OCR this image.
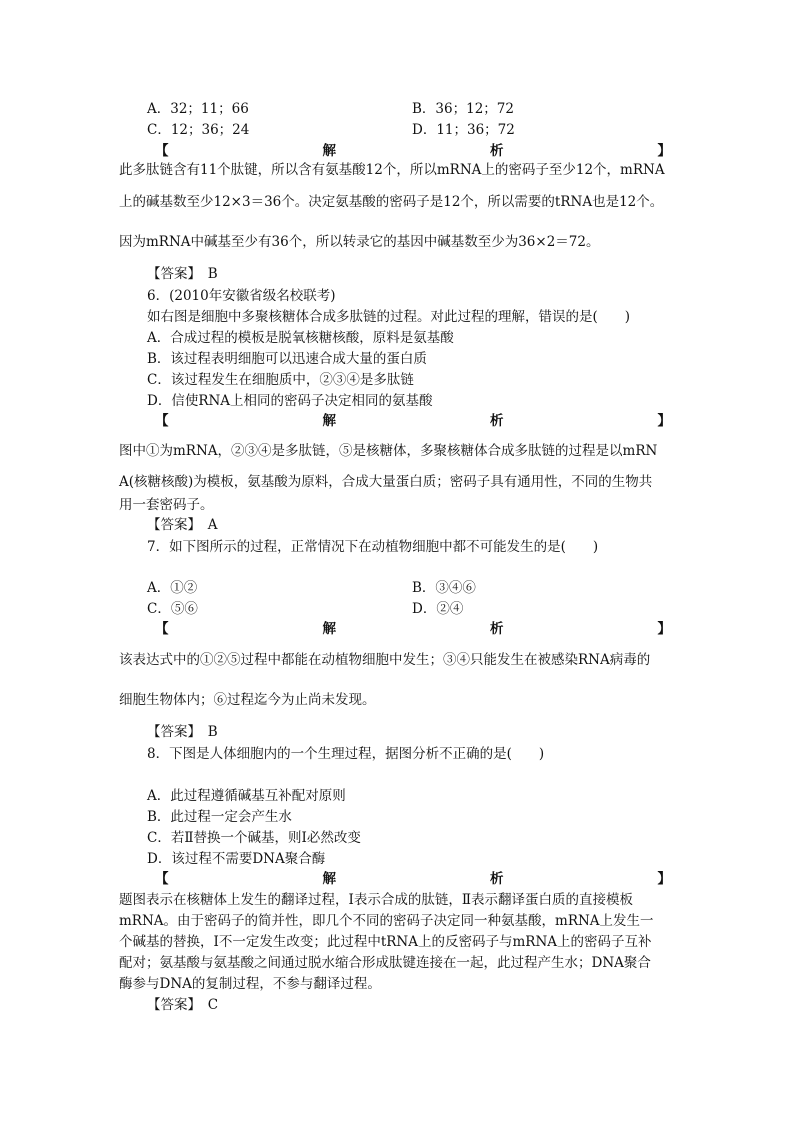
A．32；11；66	B．36；12；72
C．12；36；24	D．11；36；72
【	解	析	】
此多肽链含有11个肽键，所以含有氨基酸12个，所以mRNA上的密码子至少12个，mRNA
上的碱基数至少12×3＝36个。决定氨基酸的密码子是12个，所以需要的tRNA也是12个。
因为mRNA中碱基至少有36个，所以转录它的基因中碱基数至少为36×2＝72。
【答案】　B
6．(2010年安徽省级名校联考)
如右图是细胞中多聚核糖体合成多肽链的过程。对此过程的理解，错误的是(　　)
A．合成过程的模板是脱氧核糖核酸，原料是氨基酸
B．该过程表明细胞可以迅速合成大量的蛋白质
C．该过程发生在细胞质中，②③④是多肽链
D．信使RNA上相同的密码子决定相同的氨基酸
【	解	析	】
图中①为mRNA，②③④是多肽链，⑤是核糖体，多聚核糖体合成多肽链的过程是以mRN
A(核糖核酸)为模板，氨基酸为原料，合成大量蛋白质；密码子具有通用性，不同的生物共
用一套密码子。
【答案】　A
7．如下图所示的过程，正常情况下在动植物细胞中都不可能发生的是(　　)
A．①②	B．③④⑥
C．⑤⑥	D．②④
【	解	析	】
该表达式中的①②⑤过程中都能在动植物细胞中发生；③④只能发生在被感染RNA病毒的
细胞生物体内；⑥过程迄今为止尚未发现。
【答案】　B
8．下图是人体细胞内的一个生理过程，据图分析不正确的是(　　)
A．此过程遵循碱基互补配对原则
B．此过程一定会产生水
C．若Ⅱ替换一个碱基，则Ⅰ必然改变
D．该过程不需要DNA聚合酶
【	解	析	】
题图表示在核糖体上发生的翻译过程，Ⅰ表示合成的肽链，Ⅱ表示翻译蛋白质的直接模板
mRNA。由于密码子的简并性，即几个不同的密码子决定同一种氨基酸，mRNA上发生一
个碱基的替换，Ⅰ不一定发生改变；此过程中tRNA上的反密码子与mRNA上的密码子互补
配对；氨基酸与氨基酸之间通过脱水缩合形成肽键连接在一起，此过程产生水；DNA聚合
酶参与DNA的复制过程，不参与翻译过程。
【答案】　C
